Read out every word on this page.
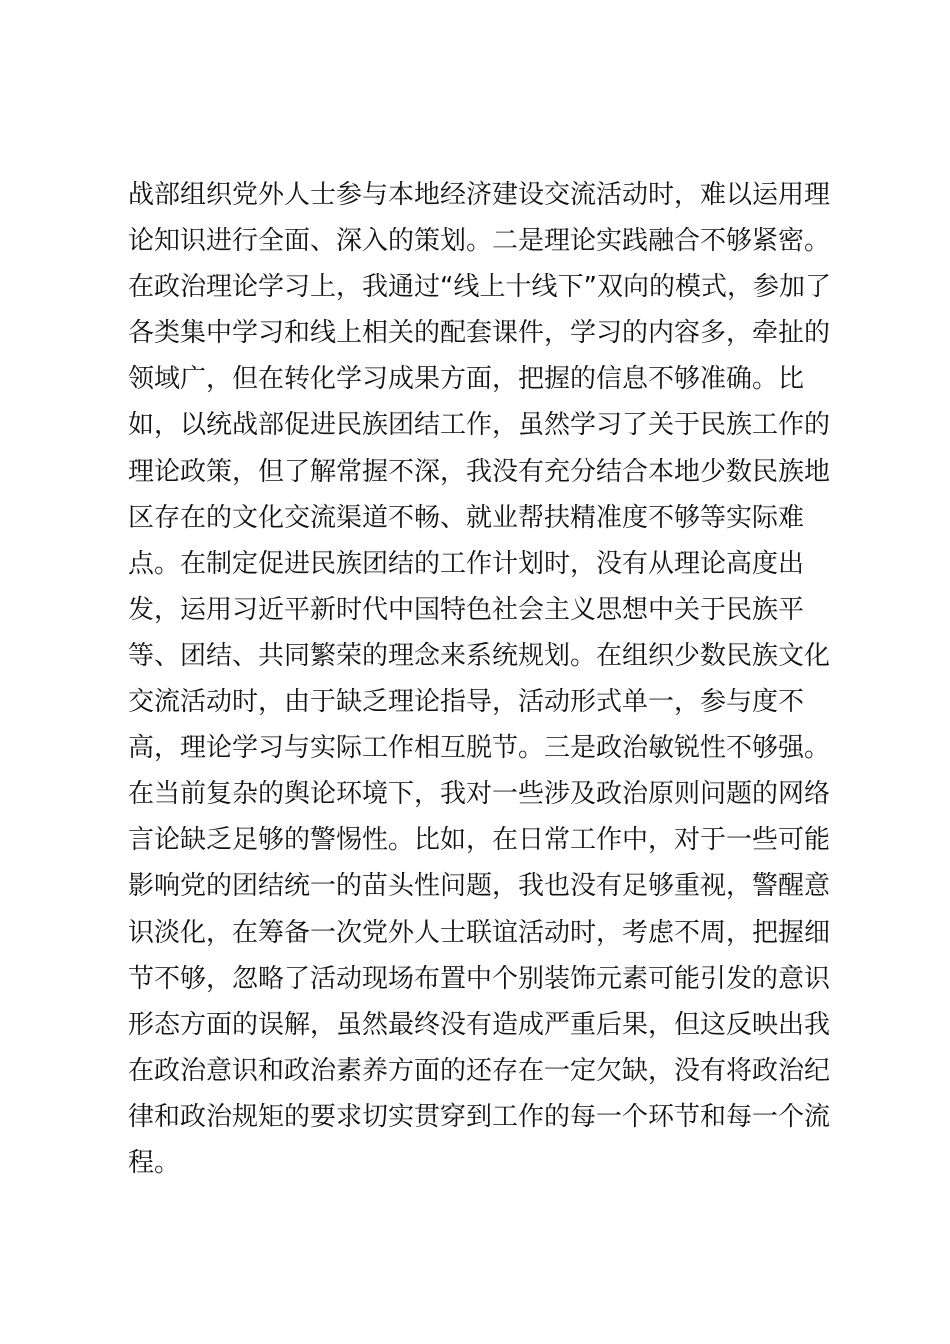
战部组织党外人士参与本地经济建设交流活动时，难以运用理
论知识进行全面、深入的策划。二是理论实践融合不够紧密。
在政治理论学习上，我通过“线上十线下”双向的模式，参加了
各类集中学习和线上相关的配套课件，学习的内容多，牵扯的
领域广，但在转化学习成果方面，把握的信息不够准确。比
如，以统战部促进民族团结工作，虽然学习了关于民族工作的
理论政策，但了解常握不深，我没有充分结合本地少数民族地
区存在的文化交流渠道不畅、就业帮扶精准度不够等实际难
点。在制定促进民族团结的工作计划时，没有从理论高度出
发，运用习近平新时代中国特色社会主义思想中关于民族平
等、团结、共同繁荣的理念来系统规划。在组织少数民族文化
交流活动时，由于缺乏理论指导，活动形式单一，参与度不
高，理论学习与实际工作相互脱节。三是政治敏锐性不够强。
在当前复杂的舆论环境下，我对一些涉及政治原则问题的网络
言论缺乏足够的警惕性。比如，在日常工作中，对于一些可能
影响党的团结统一的苗头性问题，我也没有足够重视，警醒意
识淡化，在筹备一次党外人士联谊活动时，考虑不周，把握细
节不够，忽略了活动现场布置中个别装饰元素可能引发的意识
形态方面的误解，虽然最终没有造成严重后果，但这反映出我
在政治意识和政治素养方面的还存在一定欠缺，没有将政治纪
律和政治规矩的要求切实贯穿到工作的每一个环节和每一个流
程。
